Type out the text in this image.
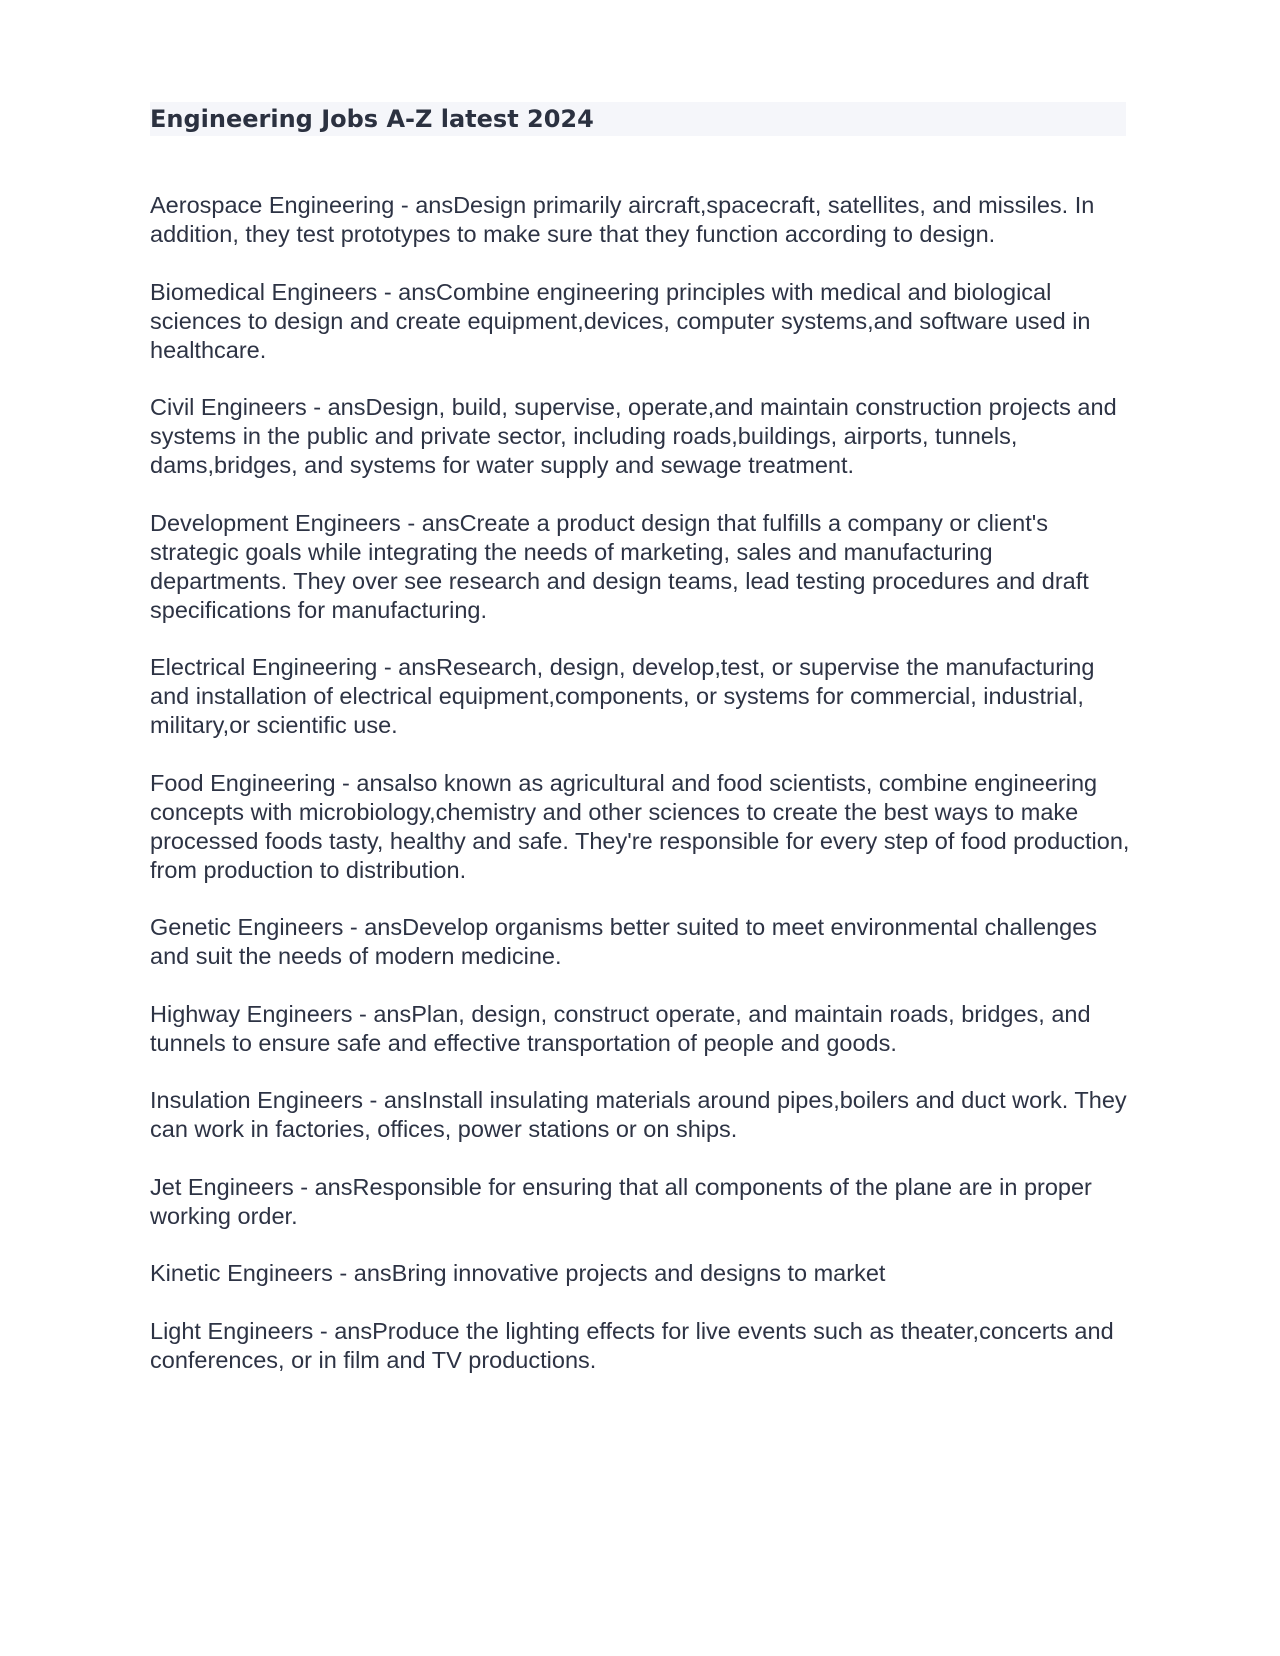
Engineering Jobs A-Z latest 2024
Aerospace Engineering - ansDesign primarily aircraft,spacecraft, satellites, and missiles. In addition, they test prototypes to make sure that they function according to design.
Biomedical Engineers - ansCombine engineering principles with medical and biological sciences to design and create equipment,devices, computer systems,and software used in healthcare.
Civil Engineers - ansDesign, build, supervise, operate,and maintain construction projects and systems in the public and private sector, including roads,buildings, airports, tunnels, dams,bridges, and systems for water supply and sewage treatment.
Development Engineers - ansCreate a product design that fulfills a company or client's strategic goals while integrating the needs of marketing, sales and manufacturing departments. They over see research and design teams, lead testing procedures and draft specifications for manufacturing.
Electrical Engineering - ansResearch, design, develop,test, or supervise the manufacturing and installation of electrical equipment,components, or systems for commercial, industrial, military,or scientific use.
Food Engineering - ansalso known as agricultural and food scientists, combine engineering concepts with microbiology,chemistry and other sciences to create the best ways to make processed foods tasty, healthy and safe. They're responsible for every step of food production, from production to distribution.
Genetic Engineers - ansDevelop organisms better suited to meet environmental challenges and suit the needs of modern medicine.
Highway Engineers - ansPlan, design, construct operate, and maintain roads, bridges, and tunnels to ensure safe and effective transportation of people and goods.
Insulation Engineers - ansInstall insulating materials around pipes,boilers and duct work. They can work in factories, offices, power stations or on ships.
Jet Engineers - ansResponsible for ensuring that all components of the plane are in proper working order.
Kinetic Engineers - ansBring innovative projects and designs to market
Light Engineers - ansProduce the lighting effects for live events such as theater,concerts and conferences, or in film and TV productions.
